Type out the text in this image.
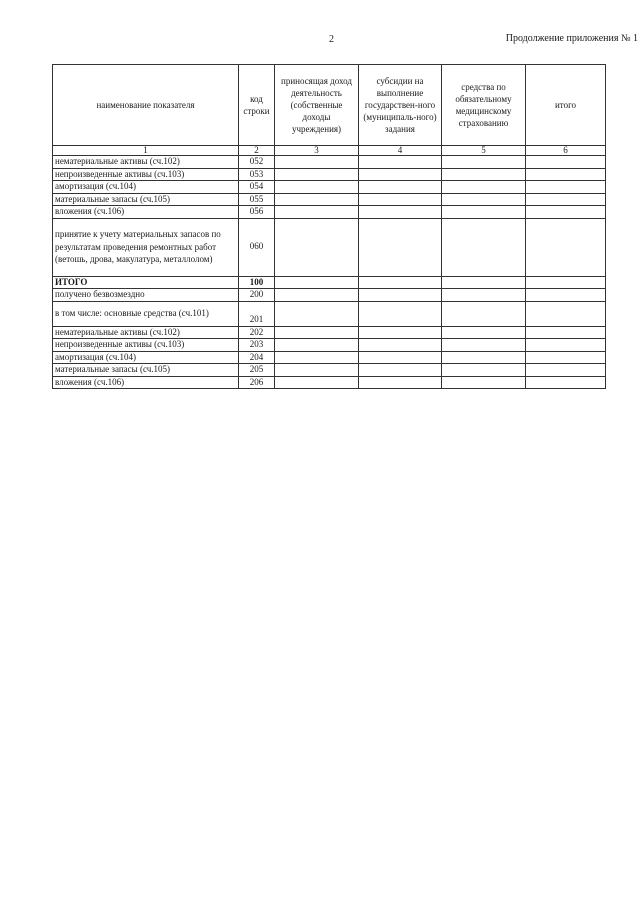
2	Продолжение приложения № 1
наименование показателя	код строки	приносящая доход деятельность (собственные доходы учреждения)	субсидии на выполнение государствен-ного (муниципаль-ного) задания	средства по обязательному медицинскому страхованию	итого
1	2	3	4	5	6
нематериальные активы (сч.102)	052				
непроизведенные активы (сч.103)	053				
амортизация (сч.104)	054				
материальные запасы (сч.105)	055				
вложения (сч.106)	056				
принятие к учету материальных запасов по результатам проведения ремонтных работ (ветошь, дрова, макулатура, металлолом)	060				
ИТОГО	100				
получено безвозмездно	200				
в том числе: основные средства (сч.101)	201				
нематериальные активы (сч.102)	202				
непроизведенные активы (сч.103)	203				
амортизация (сч.104)	204				
материальные запасы (сч.105)	205				
вложения (сч.106)	206				
